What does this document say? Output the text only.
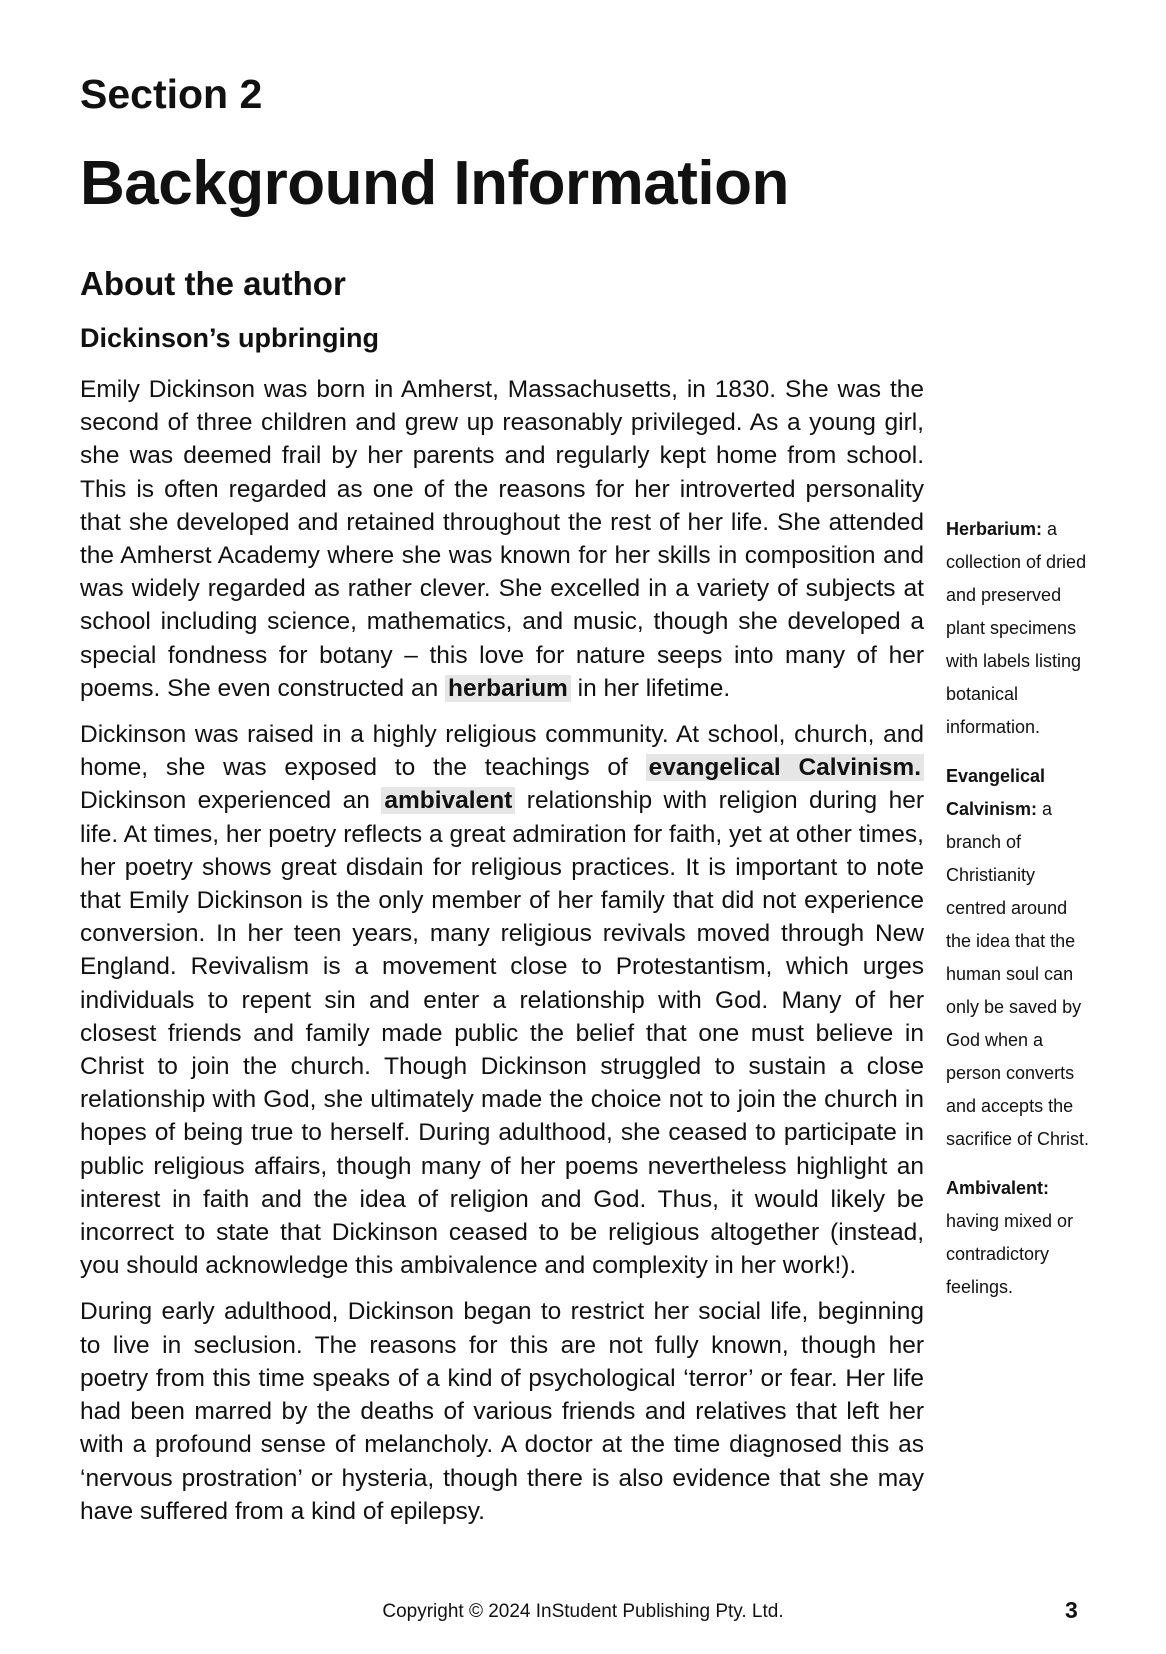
Section 2
Background Information
About the author
Dickinson’s upbringing

Emily Dickinson was born in Amherst, Massachusetts, in 1830. She was the second of three children and grew up reasonably privileged. As a young girl, she was deemed frail by her parents and regularly kept home from school. This is often regarded as one of the reasons for her introverted personality that she developed and retained throughout the rest of her life. She attended the Amherst Academy where she was known for her skills in composition and was widely regarded as rather clever. She excelled in a variety of subjects at school including science, mathematics, and music, though she developed a special fondness for botany – this love for nature seeps into many of her poems. She even constructed an herbarium in her lifetime.

Dickinson was raised in a highly religious community. At school, church, and home, she was exposed to the teachings of evangelical Calvinism. Dickinson experienced an ambivalent relationship with religion during her life. At times, her poetry reflects a great admiration for faith, yet at other times, her poetry shows great disdain for religious practices. It is important to note that Emily Dickinson is the only member of her family that did not experience conversion. In her teen years, many religious revivals moved through New England. Revivalism is a movement close to Protestantism, which urges individuals to repent sin and enter a relationship with God. Many of her closest friends and family made public the belief that one must believe in Christ to join the church. Though Dickinson struggled to sustain a close relationship with God, she ultimately made the choice not to join the church in hopes of being true to herself. During adulthood, she ceased to participate in public religious affairs, though many of her poems nevertheless highlight an interest in faith and the idea of religion and God. Thus, it would likely be incorrect to state that Dickinson ceased to be religious altogether (instead, you should acknowledge this ambivalence and complexity in her work!).

During early adulthood, Dickinson began to restrict her social life, beginning to live in seclusion. The reasons for this are not fully known, though her poetry from this time speaks of a kind of psychological ‘terror’ or fear. Her life had been marred by the deaths of various friends and relatives that left her with a profound sense of melancholy. A doctor at the time diagnosed this as ‘nervous prostration’ or hysteria, though there is also evidence that she may have suffered from a kind of epilepsy.

Herbarium: a collection of dried and preserved plant specimens with labels listing botanical information.
Evangelical Calvinism: a branch of Christianity centred around the idea that the human soul can only be saved by God when a person converts and accepts the sacrifice of Christ.
Ambivalent: having mixed or contradictory feelings.
Copyright © 2024 InStudent Publishing Pty. Ltd.	3
